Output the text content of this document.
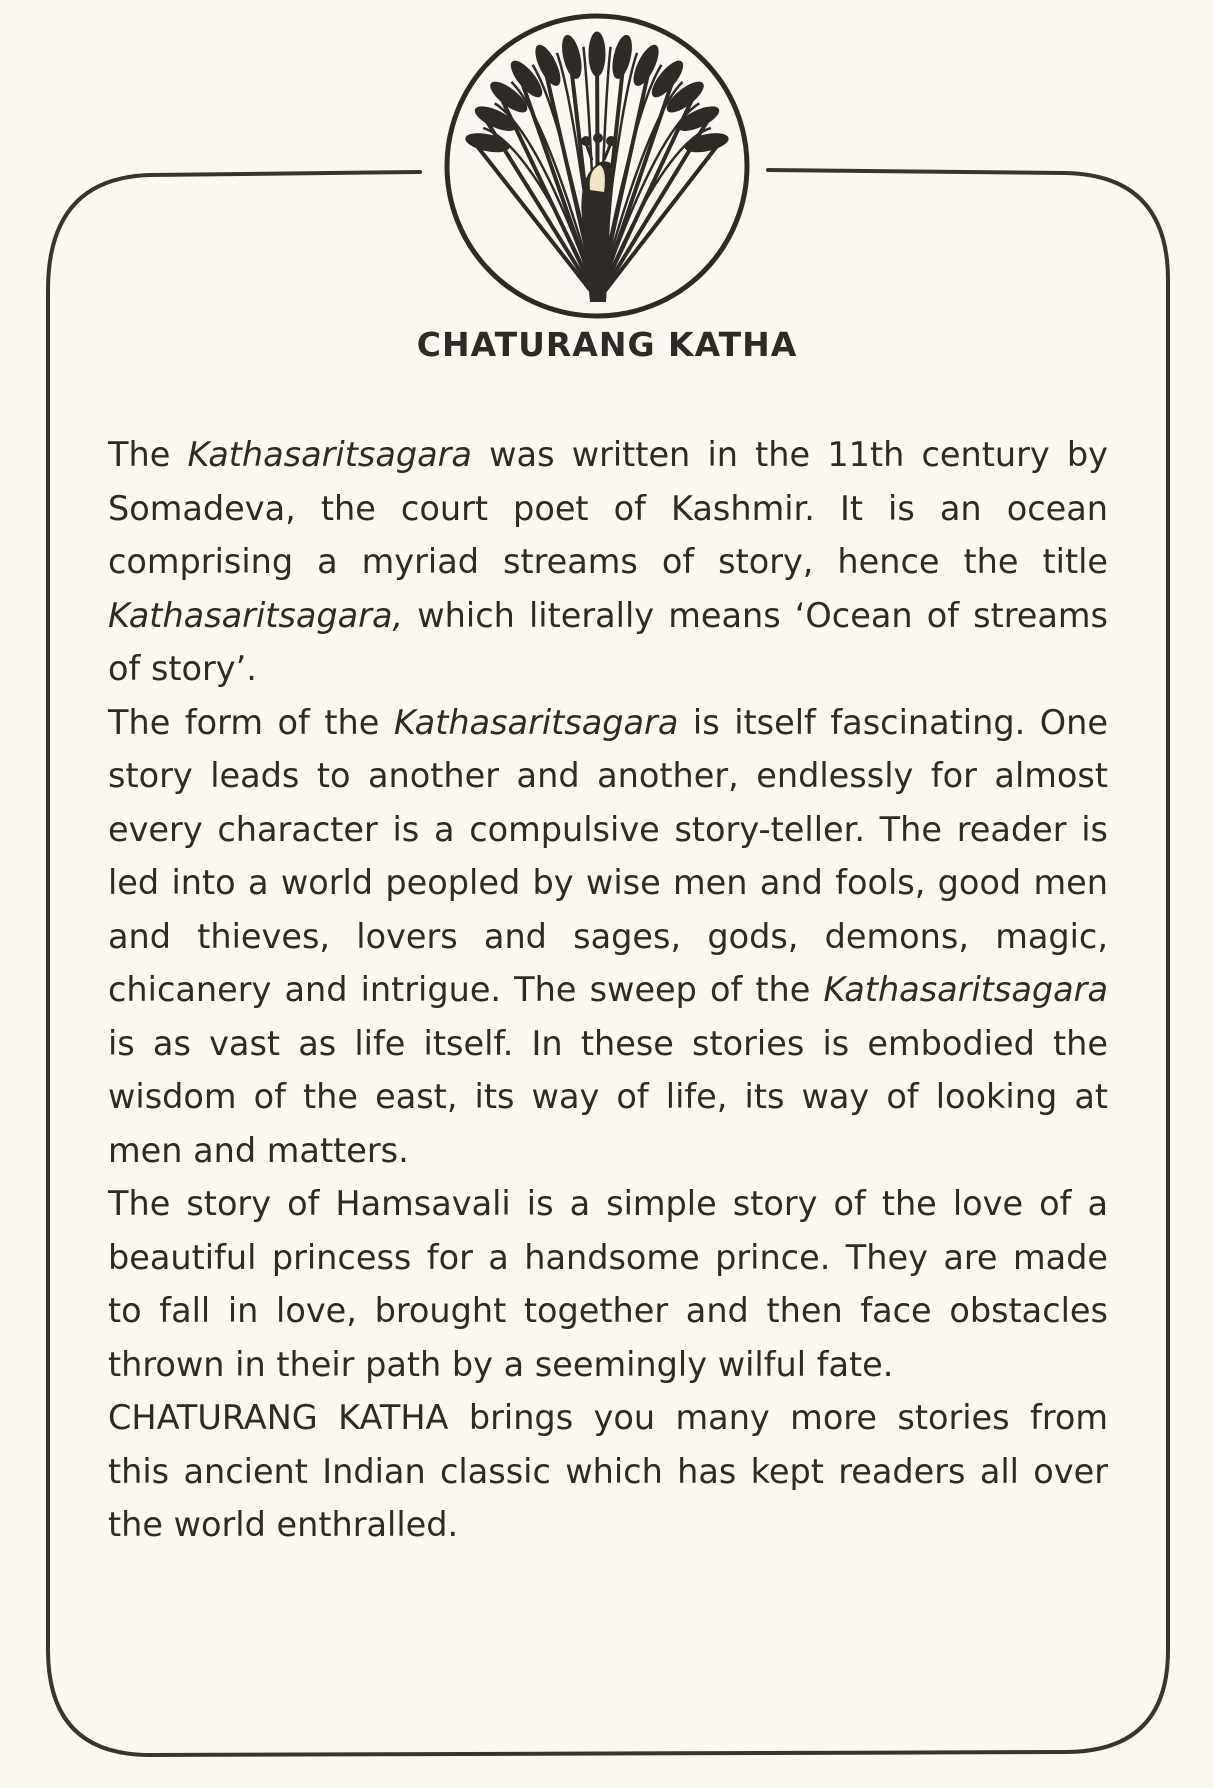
CHATURANG KATHA

The Kathasaritsagara was written in the 11th century by Somadeva, the court poet of Kashmir. It is an ocean comprising a myriad streams of story, hence the title Kathasaritsagara, which literally means ‘Ocean of streams of story’.

The form of the Kathasaritsagara is itself fascinating. One story leads to another and another, endlessly for almost every character is a compulsive story-teller. The reader is led into a world peopled by wise men and fools, good men and thieves, lovers and sages, gods, demons, magic, chicanery and intrigue. The sweep of the Kathasaritsagara is as vast as life itself. In these stories is embodied the wisdom of the east, its way of life, its way of looking at men and matters.

The story of Hamsavali is a simple story of the love of a beautiful princess for a handsome prince. They are made to fall in love, brought together and then face obstacles thrown in their path by a seemingly wilful fate.

CHATURANG KATHA brings you many more stories from this ancient Indian classic which has kept readers all over the world enthralled.
